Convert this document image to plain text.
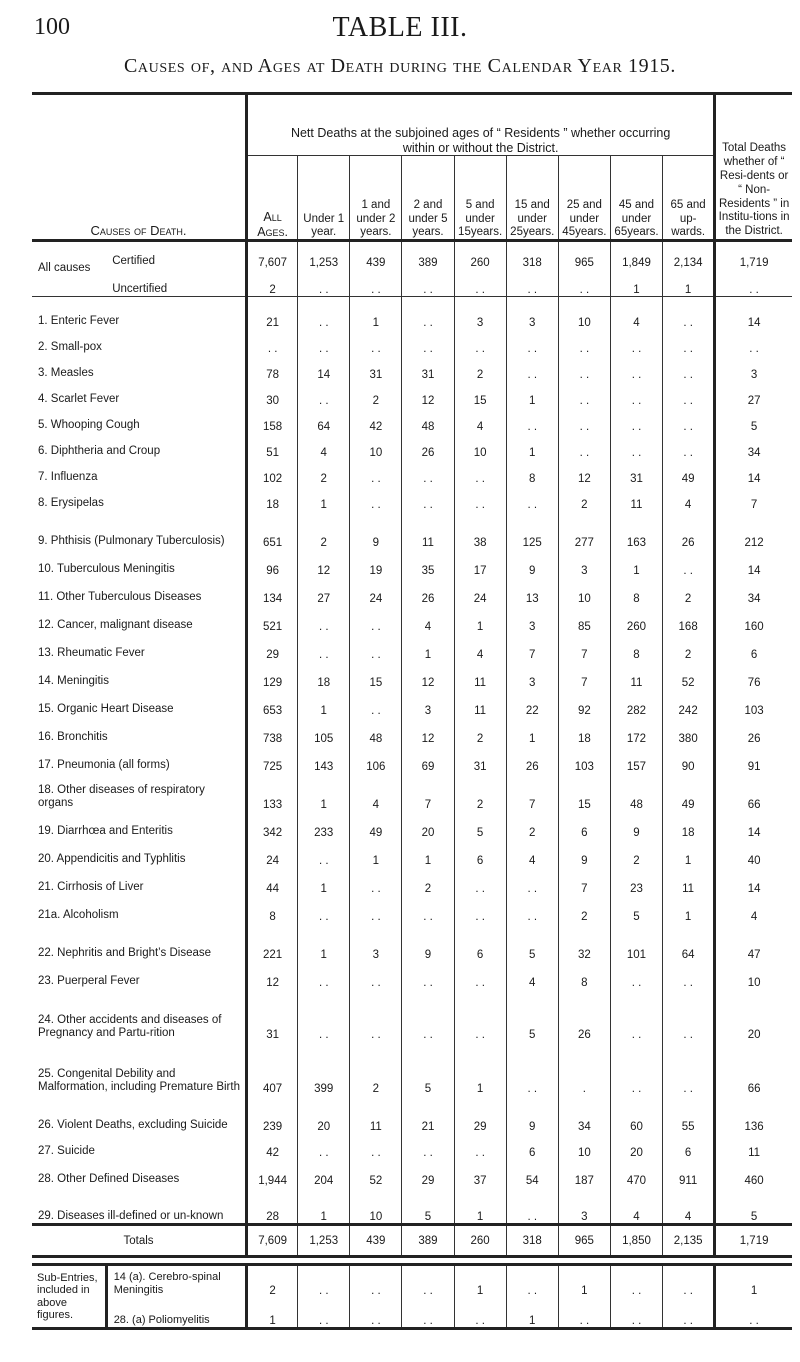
100	TABLE III.
Causes of, and Ages at Death during the Calendar Year 1915.
Causes of Death.		Nett Deaths at the subjoined ages of “ Residents ” whether occurring within or without the District.									Total Deaths whether of “ Resi-dents or “ Non-Residents ” in Institu-tions in the District.
		All Ages.	Under 1 year.	1 and under 2 years.	2 and under 5 years.	5 and under 15years.	15 and under 25years.	25 and under 45years.	45 and under 65years.	65 and up-wards.	
All causes	Certified	7,607	1,253	439	389	260	318	965	1,849	2,134	1,719
	Uncertified	2	. .	. .	. .	. .	. .	. .	1	1	. .
1. Enteric Fever		21	. .	1	. .	3	3	10	4	. .	14
2. Small-pox		. .	. .	. .	. .	. .	. .	. .	. .	. .	. .
3. Measles		78	14	31	31	2	. .	. .	. .	. .	3
4. Scarlet Fever		30	. .	2	12	15	1	. .	. .	. .	27
5. Whooping Cough		158	64	42	48	4	. .	. .	. .	. .	5
6. Diphtheria and Croup		51	4	10	26	10	1	. .	. .	. .	34
7. Influenza		102	2	. .	. .	. .	8	12	31	49	14
8. Erysipelas		18	1	. .	. .	. .	. .	2	11	4	7
9. Phthisis (Pulmonary Tuberculosis)		651	2	9	11	38	125	277	163	26	212
10. Tuberculous Meningitis		96	12	19	35	17	9	3	1	. .	14
11. Other Tuberculous Diseases		134	27	24	26	24	13	10	8	2	34
12. Cancer, malignant disease		521	. .	. .	4	1	3	85	260	168	160
13. Rheumatic Fever		29	. .	. .	1	4	7	7	8	2	6
14. Meningitis		129	18	15	12	11	3	7	11	52	76
15. Organic Heart Disease		653	1	. .	3	11	22	92	282	242	103
16. Bronchitis		738	105	48	12	2	1	18	172	380	26
17. Pneumonia (all forms)		725	143	106	69	31	26	103	157	90	91
18. Other diseases of respiratory organs		133	1	4	7	2	7	15	48	49	66
19. Diarrhœa and Enteritis		342	233	49	20	5	2	6	9	18	14
20. Appendicitis and Typhlitis		24	. .	1	1	6	4	9	2	1	40
21. Cirrhosis of Liver		44	1	. .	2	. .	. .	7	23	11	14
21a. Alcoholism		8	. .	. .	. .	. .	. .	2	5	1	4
22. Nephritis and Bright’s Disease		221	1	3	9	6	5	32	101	64	47
23. Puerperal Fever		12	. .	. .	. .	. .	4	8	. .	. .	10
24. Other accidents and diseases of Pregnancy and Partu-rition		31	. .	. .	. .	. .	5	26	. .	. .	20
25. Congenital Debility and Malformation, including Premature Birth		407	399	2	5	1	. .	.	. .	. .	66
26. Violent Deaths, excluding Suicide		239	20	11	21	29	9	34	60	55	136
27. Suicide		42	. .	. .	. .	. .	6	10	20	6	11
28. Other Defined Diseases		1,944	204	52	29	37	54	187	470	911	460
29. Diseases ill-defined or un-known		28	1	10	5	1	. .	3	4	4	5
Totals		7,609	1,253	439	389	260	318	965	1,850	2,135	1,719

Sub-Entries, included in above figures.	14 (a). Cerebro-spinal Meningitis	2	. .	. .	. .	1	. .	1	. .	. .	1
	28. (a) Poliomyelitis	1	. .	. .	. .	. .	1	. .	. .	. .	. .
